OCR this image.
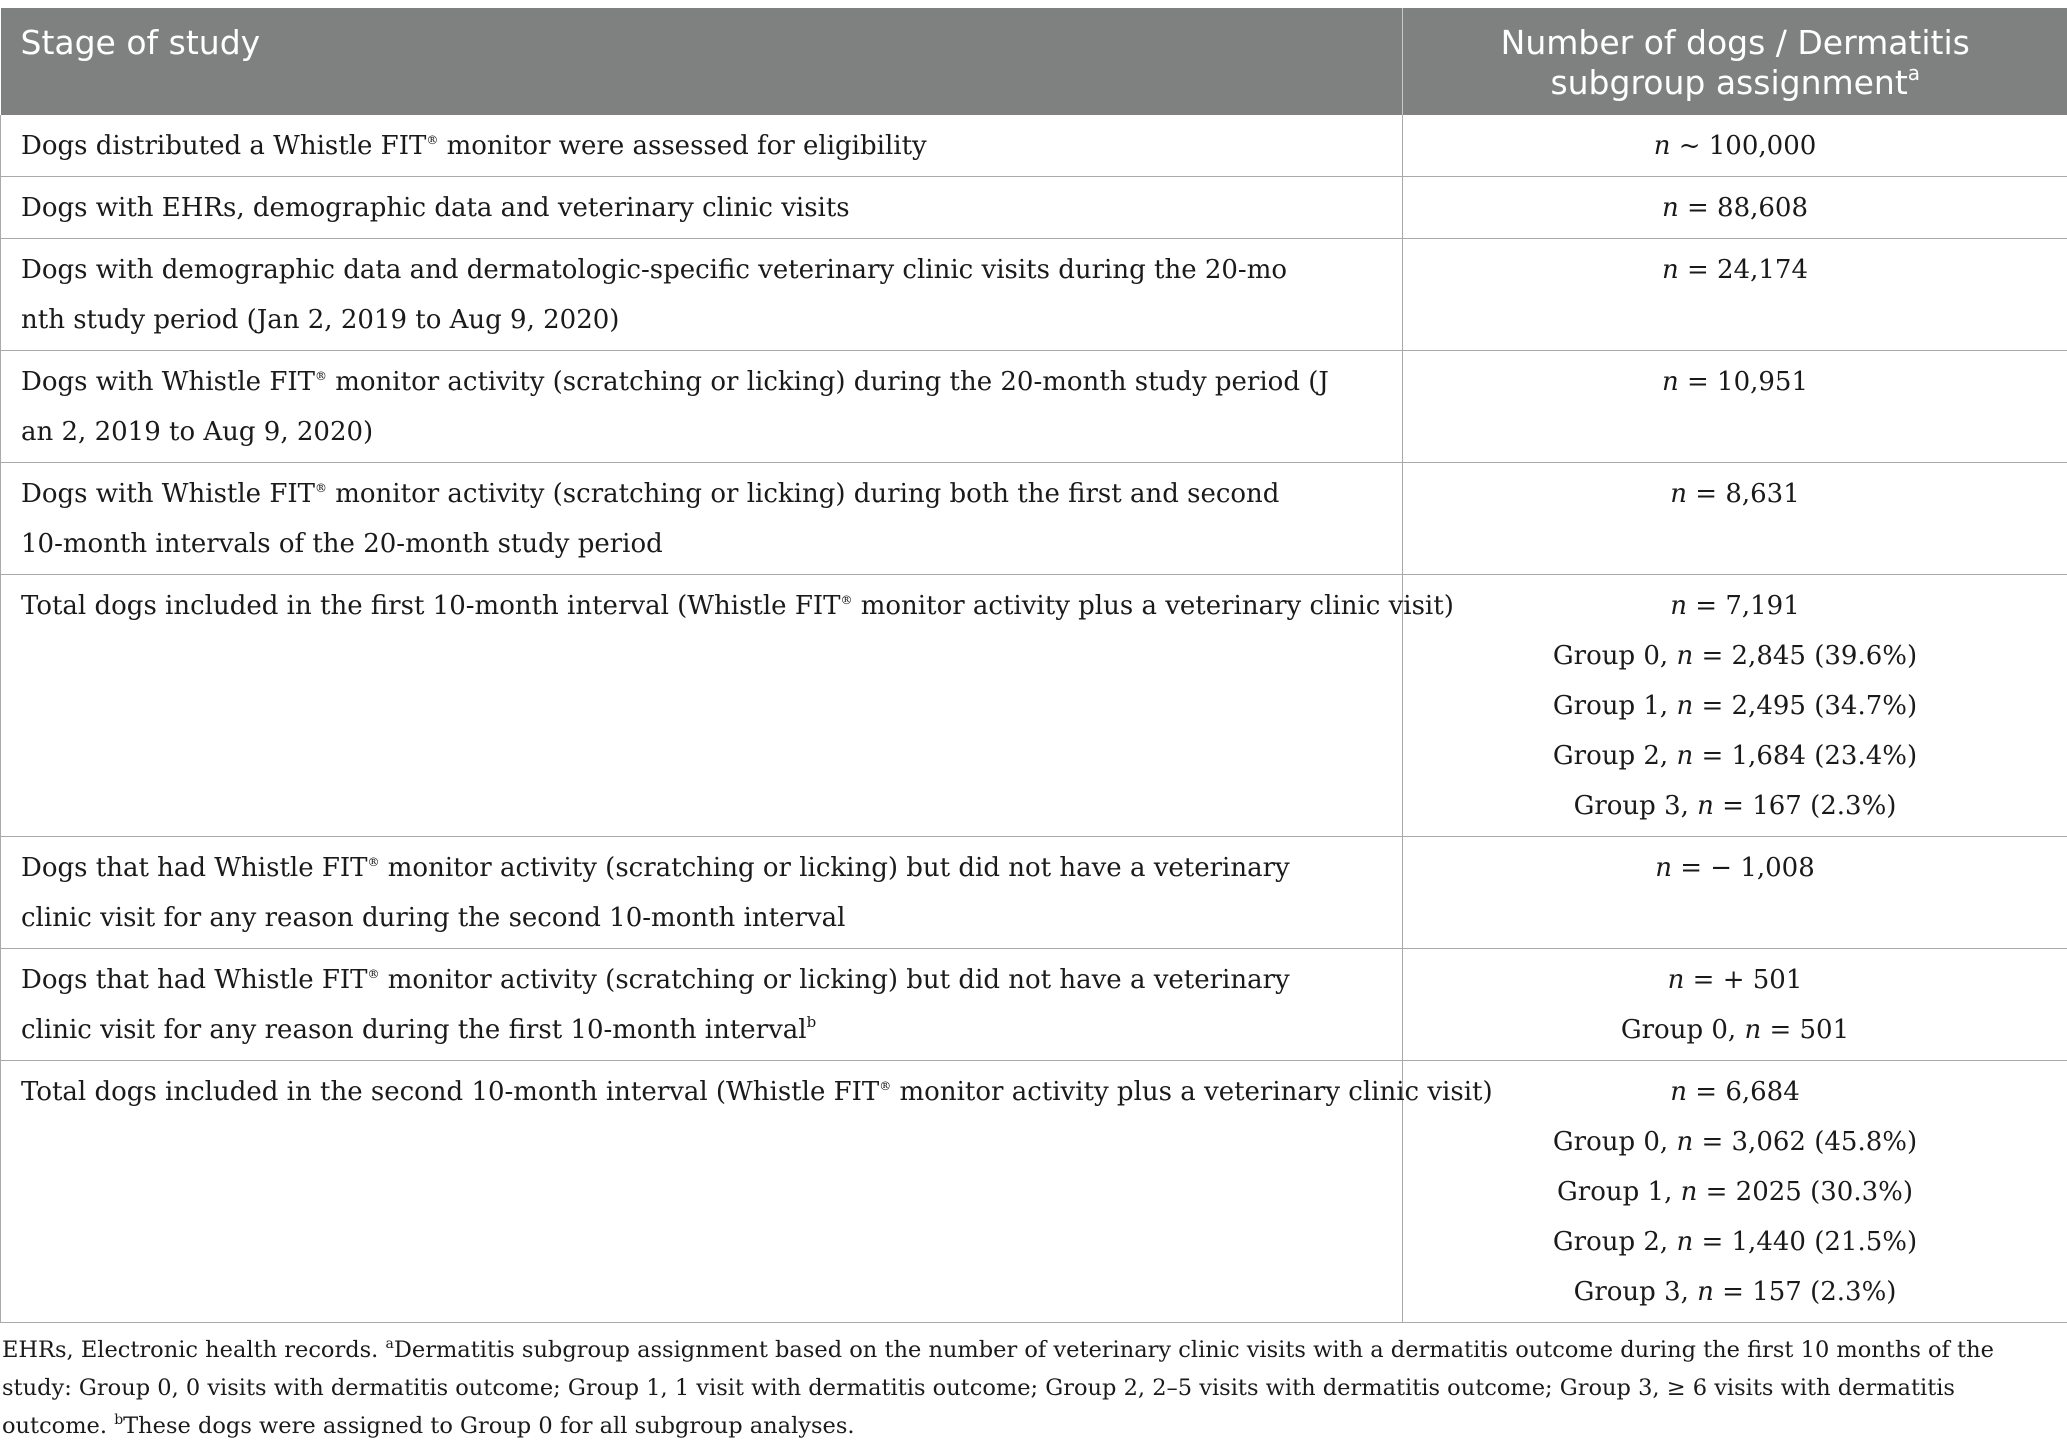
Stage of study	Number of dogs / Dermatitis subgroup assignment$^a$

Dogs distributed a Whistle FIT® monitor were assessed for eligibility	n ~ 100,000

Dogs with EHRs, demographic data and veterinary clinic visits	n = 88,608

Dogs with demographic data and dermatologic-specific veterinary clinic visits during the 20-mo
nth study period (Jan 2, 2019 to Aug 9, 2020)	n = 24,174

Dogs with Whistle FIT® monitor activity (scratching or licking) during the 20-month study period (J
an 2, 2019 to Aug 9, 2020)	n = 10,951

Dogs with Whistle FIT® monitor activity (scratching or licking) during both the first and second
10-month intervals of the 20-month study period	n = 8,631

Total dogs included in the first 10-month interval (Whistle FIT® monitor activity plus a veterinary clinic visit)	n = 7,191
Group 0, n = 2,845 (39.6%)
Group 1, n = 2,495 (34.7%)
Group 2, n = 1,684 (23.4%)
Group 3, n = 167 (2.3%)

Dogs that had Whistle FIT® monitor activity (scratching or licking) but did not have a veterinary
clinic visit for any reason during the second 10-month interval	n = − 1,008

Dogs that had Whistle FIT® monitor activity (scratching or licking) but did not have a veterinary
clinic visit for any reason during the first 10-month interval$^b$	n = + 501
Group 0, n = 501

Total dogs included in the second 10-month interval (Whistle FIT® monitor activity plus a veterinary clinic visit)	n = 6,684
Group 0, n = 3,062 (45.8%)
Group 1, n = 2025 (30.3%)
Group 2, n = 1,440 (21.5%)
Group 3, n = 157 (2.3%)
EHRs, Electronic health records. $^a$Dermatitis subgroup assignment based on the number of veterinary clinic visits with a dermatitis outcome during the first 10 months of the study: Group 0, 0 visits with dermatitis outcome; Group 1, 1 visit with dermatitis outcome; Group 2, 2–5 visits with dermatitis outcome; Group 3, ≥ 6 visits with dermatitis outcome. $^b$These dogs were assigned to Group 0 for all subgroup analyses.
